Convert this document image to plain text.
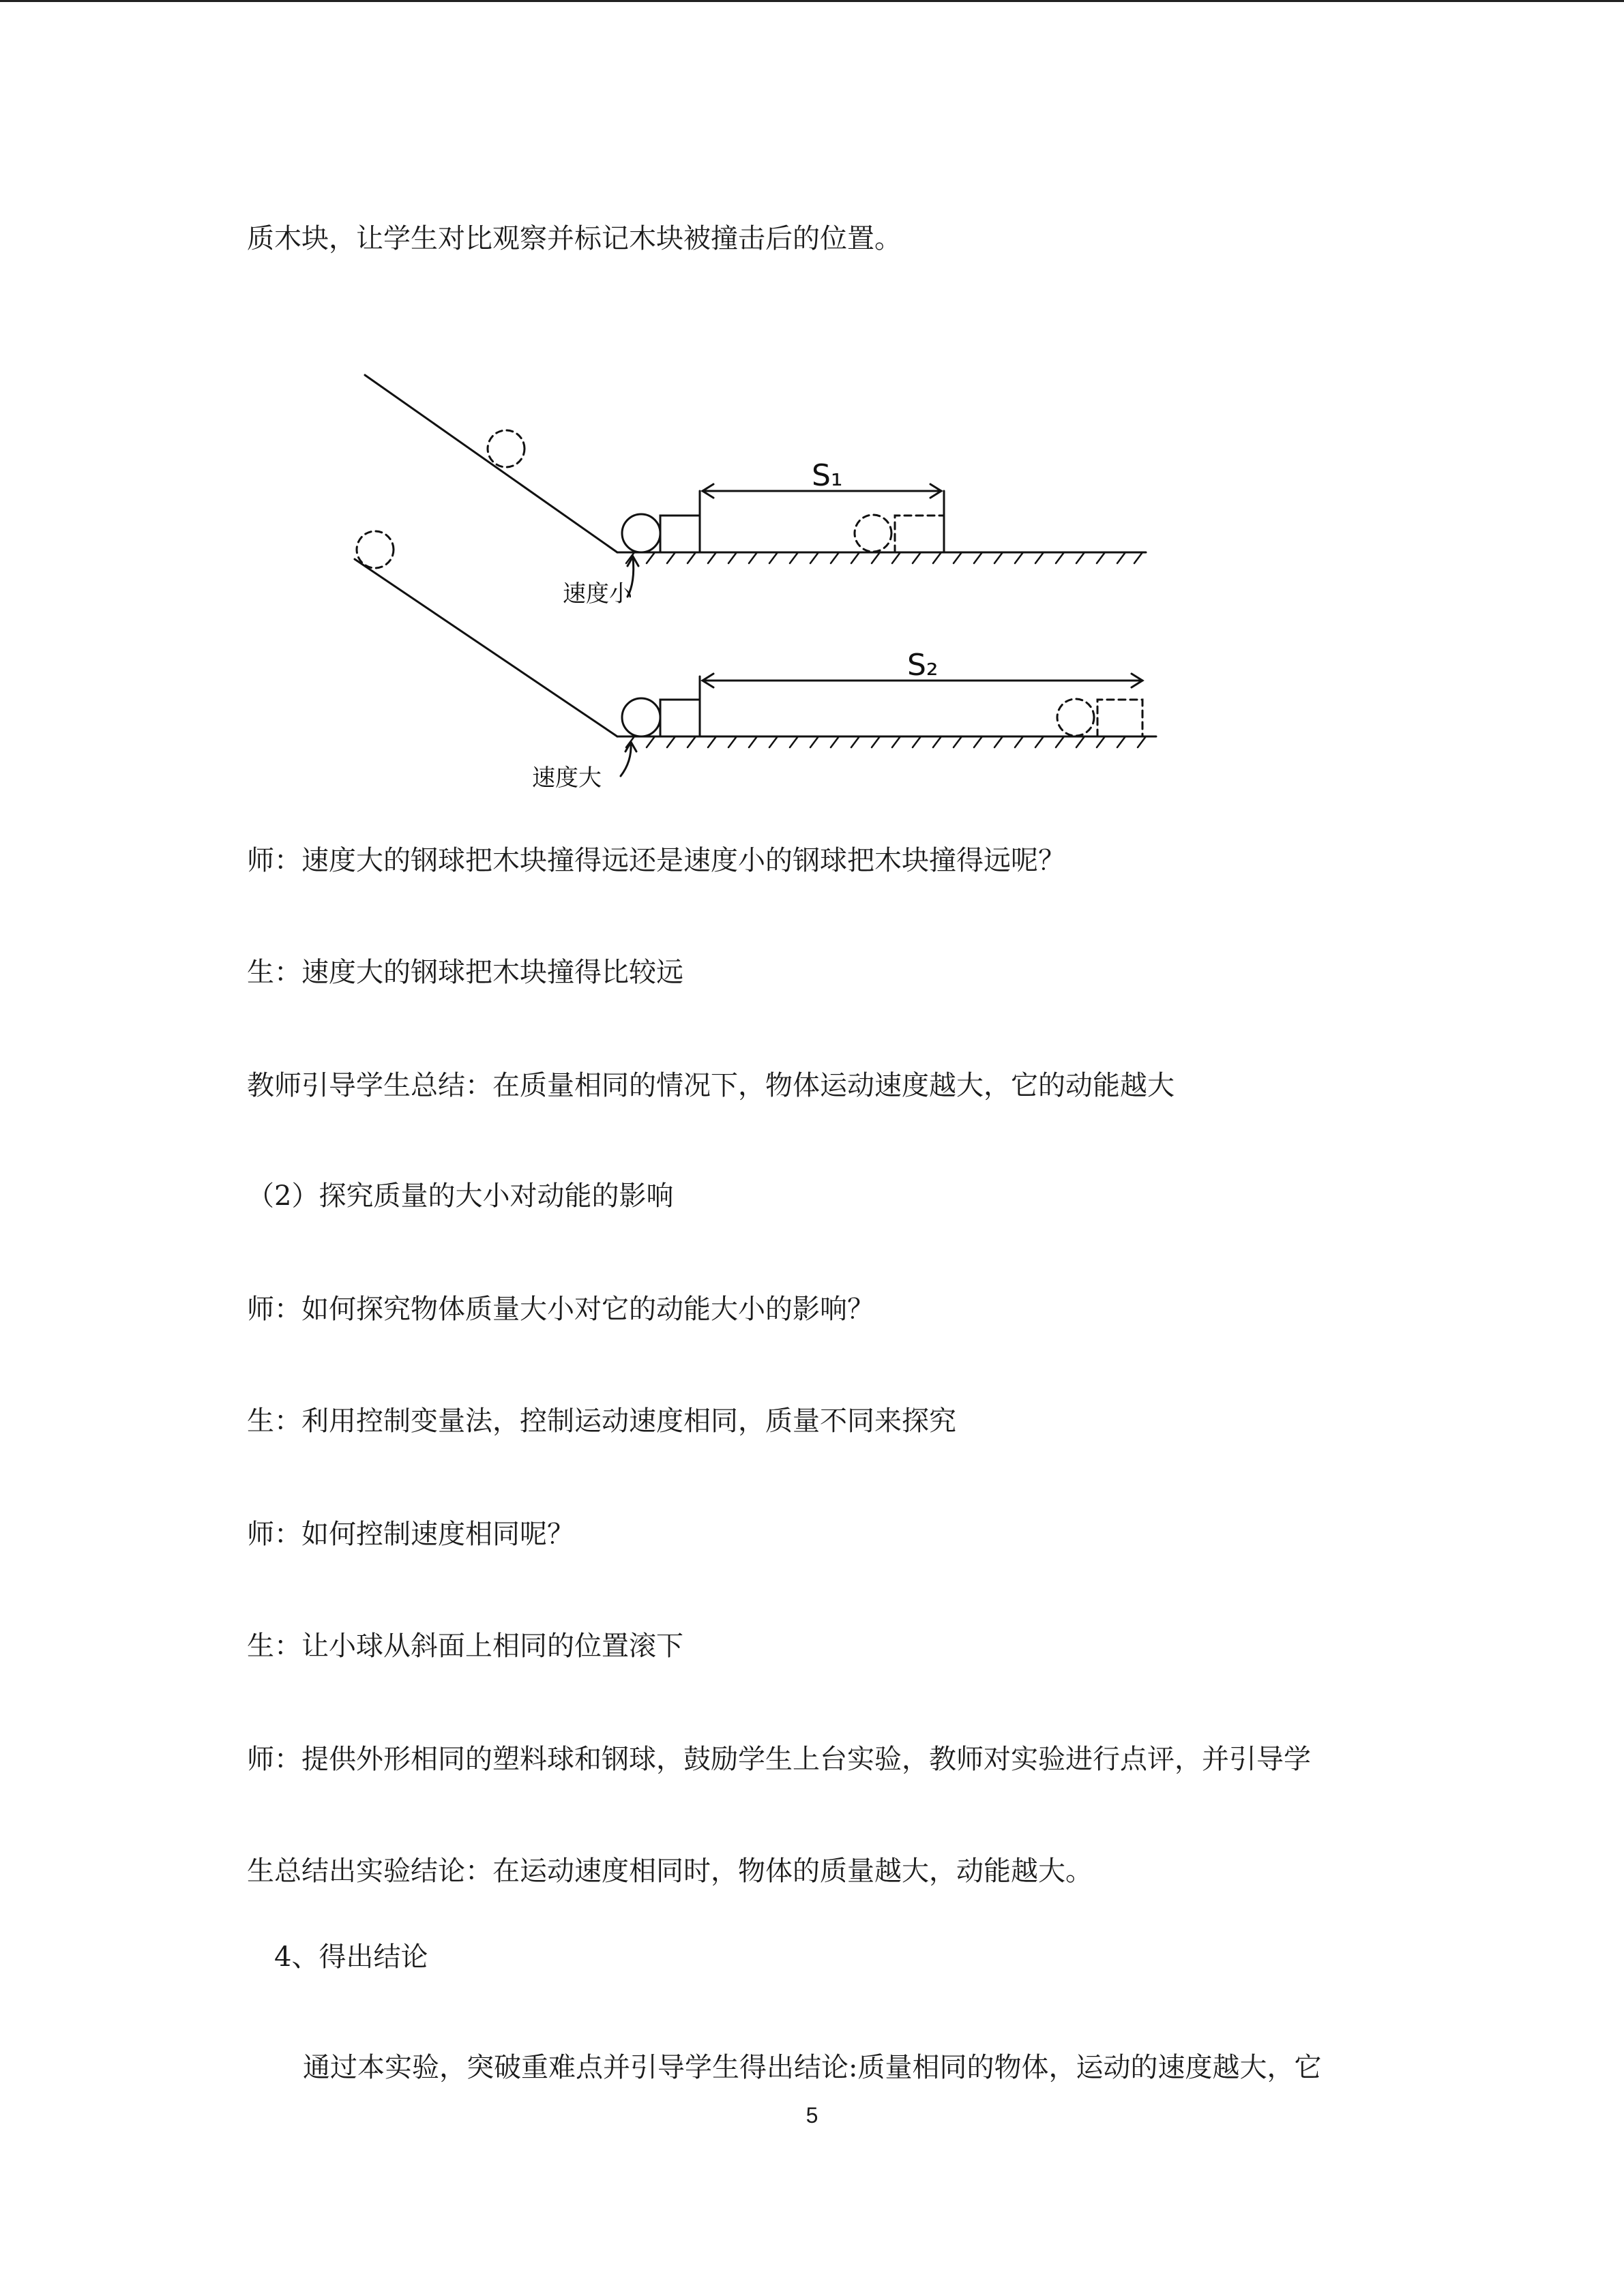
质木块，让学生对比观察并标记木块被撞击后的位置。

S₁
S₂
速度小
速度大

师：速度大的钢球把木块撞得远还是速度小的钢球把木块撞得远呢？

生：速度大的钢球把木块撞得比较远

教师引导学生总结：在质量相同的情况下，物体运动速度越大，它的动能越大

（2）探究质量的大小对动能的影响

师：如何探究物体质量大小对它的动能大小的影响？

生：利用控制变量法，控制运动速度相同，质量不同来探究

师：如何控制速度相同呢？

生：让小球从斜面上相同的位置滚下

师：提供外形相同的塑料球和钢球，鼓励学生上台实验，教师对实验进行点评，并引导学

生总结出实验结论：在运动速度相同时，物体的质量越大，动能越大。

4、得出结论

通过本实验，突破重难点并引导学生得出结论:质量相同的物体，运动的速度越大，它

5
